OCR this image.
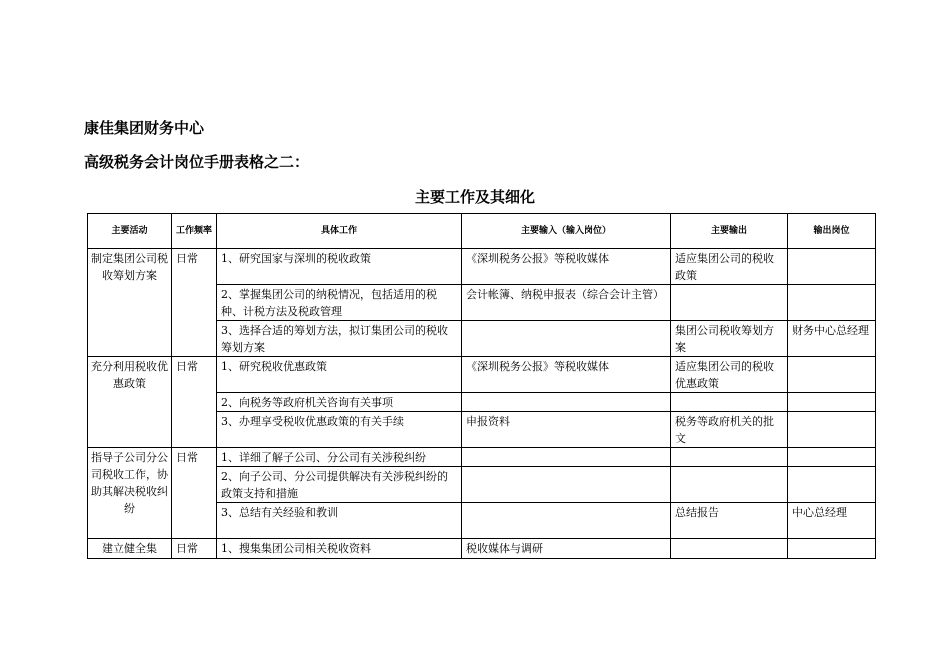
康佳集团财务中心
高级税务会计岗位手册表格之二：
主要工作及其细化
主要活动	工作频率	具体工作	主要输入（输入岗位）	主要输出	输出岗位
制定集团公司税收筹划方案	日常	1、研究国家与深圳的税收政策	《深圳税务公报》等税收媒体	适应集团公司的税收政策	
		2、掌握集团公司的纳税情况，包括适用的税种、计税方法及税政管理	会计帐簿、纳税申报表（综合会计主管）		
		3、选择合适的筹划方法，拟订集团公司的税收筹划方案		集团公司税收筹划方案	财务中心总经理
充分利用税收优惠政策	日常	1、研究税收优惠政策	《深圳税务公报》等税收媒体	适应集团公司的税收优惠政策	
		2、向税务等政府机关咨询有关事项			
		3、办理享受税收优惠政策的有关手续	申报资料	税务等政府机关的批文	
指导子公司分公司税收工作，协助其解决税收纠纷	日常	1、详细了解子公司、分公司有关涉税纠纷			
		2、向子公司、分公司提供解决有关涉税纠纷的政策支持和措施			
		3、总结有关经验和教训		总结报告	中心总经理
建立健全集	日常	1、搜集集团公司相关税收资料	税收媒体与调研		
